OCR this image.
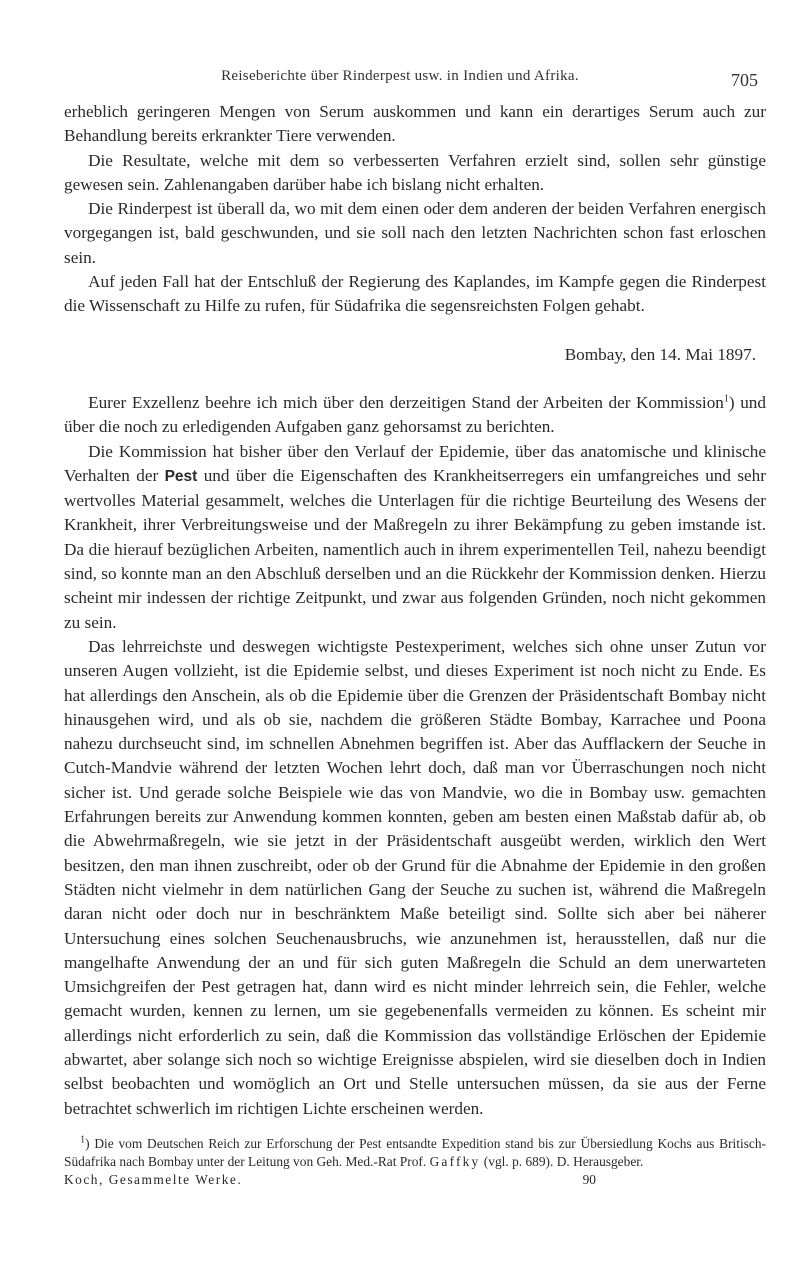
Reiseberichte über Rinderpest usw. in Indien und Afrika.	705

erheblich geringeren Mengen von Serum auskommen und kann ein derartiges Serum auch zur Behandlung bereits erkrankter Tiere verwenden.

Die Resultate, welche mit dem so verbesserten Verfahren erzielt sind, sollen sehr günstige gewesen sein. Zahlenangaben darüber habe ich bislang nicht erhalten.

Die Rinderpest ist überall da, wo mit dem einen oder dem anderen der beiden Verfahren energisch vorgegangen ist, bald geschwunden, und sie soll nach den letzten Nachrichten schon fast erloschen sein.

Auf jeden Fall hat der Entschluß der Regierung des Kaplandes, im Kampfe gegen die Rinderpest die Wissenschaft zu Hilfe zu rufen, für Südafrika die segensreichsten Folgen gehabt.

Bombay, den 14. Mai 1897.

Eurer Exzellenz beehre ich mich über den derzeitigen Stand der Arbeiten der Kommission$^1$) und über die noch zu erledigenden Aufgaben ganz gehorsamst zu berichten.

Die Kommission hat bisher über den Verlauf der Epidemie, über das anatomische und klinische Verhalten der Pest und über die Eigenschaften des Krankheitserregers ein umfangreiches und sehr wertvolles Material gesammelt, welches die Unterlagen für die richtige Beurteilung des Wesens der Krankheit, ihrer Verbreitungsweise und der Maßregeln zu ihrer Bekämpfung zu geben imstande ist. Da die hierauf bezüglichen Arbeiten, namentlich auch in ihrem experimentellen Teil, nahezu beendigt sind, so konnte man an den Abschluß derselben und an die Rückkehr der Kommission denken. Hierzu scheint mir indessen der richtige Zeitpunkt, und zwar aus folgenden Gründen, noch nicht gekommen zu sein.

Das lehrreichste und deswegen wichtigste Pestexperiment, welches sich ohne unser Zutun vor unseren Augen vollzieht, ist die Epidemie selbst, und dieses Experiment ist noch nicht zu Ende. Es hat allerdings den Anschein, als ob die Epidemie über die Grenzen der Präsidentschaft Bombay nicht hinausgehen wird, und als ob sie, nachdem die größeren Städte Bombay, Karrachee und Poona nahezu durchseucht sind, im schnellen Abnehmen begriffen ist. Aber das Aufflackern der Seuche in Cutch-Mandvie während der letzten Wochen lehrt doch, daß man vor Überraschungen noch nicht sicher ist. Und gerade solche Beispiele wie das von Mandvie, wo die in Bombay usw. gemachten Erfahrungen bereits zur Anwendung kommen konnten, geben am besten einen Maßstab dafür ab, ob die Abwehrmaßregeln, wie sie jetzt in der Präsidentschaft ausgeübt werden, wirklich den Wert besitzen, den man ihnen zuschreibt, oder ob der Grund für die Abnahme der Epidemie in den großen Städten nicht vielmehr in dem natürlichen Gang der Seuche zu suchen ist, während die Maßregeln daran nicht oder doch nur in beschränktem Maße beteiligt sind. Sollte sich aber bei näherer Untersuchung eines solchen Seuchenausbruchs, wie anzunehmen ist, herausstellen, daß nur die mangelhafte Anwendung der an und für sich guten Maßregeln die Schuld an dem unerwarteten Umsichgreifen der Pest getragen hat, dann wird es nicht minder lehrreich sein, die Fehler, welche gemacht wurden, kennen zu lernen, um sie gegebenenfalls vermeiden zu können. Es scheint mir allerdings nicht erforderlich zu sein, daß die Kommission das vollständige Erlöschen der Epidemie abwartet, aber solange sich noch so wichtige Ereignisse abspielen, wird sie dieselben doch in Indien selbst beobachten und womöglich an Ort und Stelle untersuchen müssen, da sie aus der Ferne betrachtet schwerlich im richtigen Lichte erscheinen werden.

$^1$) Die vom Deutschen Reich zur Erforschung der Pest entsandte Expedition stand bis zur Übersiedlung Kochs aus Britisch-Südafrika nach Bombay unter der Leitung von Geh. Med.-Rat Prof. Gaffky (vgl. p. 689). D. Herausgeber.

Koch, Gesammelte Werke.	90
